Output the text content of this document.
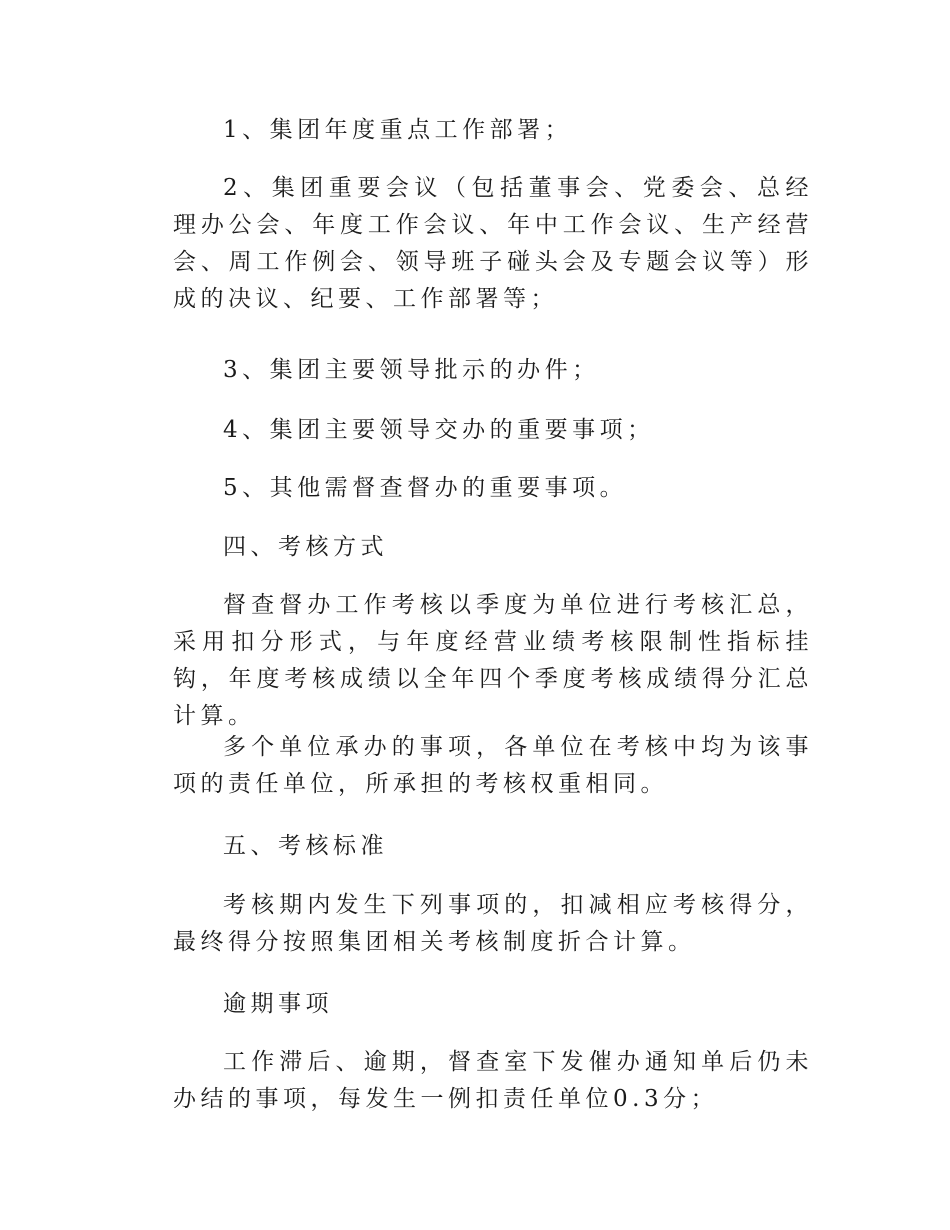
1、集团年度重点工作部署；

2、集团重要会议（包括董事会、党委会、总经理办公会、年度工作会议、年中工作会议、生产经营会、周工作例会、领导班子碰头会及专题会议等）形成的决议、纪要、工作部署等；

3、集团主要领导批示的办件；

4、集团主要领导交办的重要事项；

5、其他需督查督办的重要事项。

四、考核方式

督查督办工作考核以季度为单位进行考核汇总，采用扣分形式，与年度经营业绩考核限制性指标挂钩，年度考核成绩以全年四个季度考核成绩得分汇总计算。

多个单位承办的事项，各单位在考核中均为该事项的责任单位，所承担的考核权重相同。

五、考核标准

考核期内发生下列事项的，扣减相应考核得分，最终得分按照集团相关考核制度折合计算。

逾期事项

工作滞后、逾期，督查室下发催办通知单后仍未办结的事项，每发生一例扣责任单位0.3分；
